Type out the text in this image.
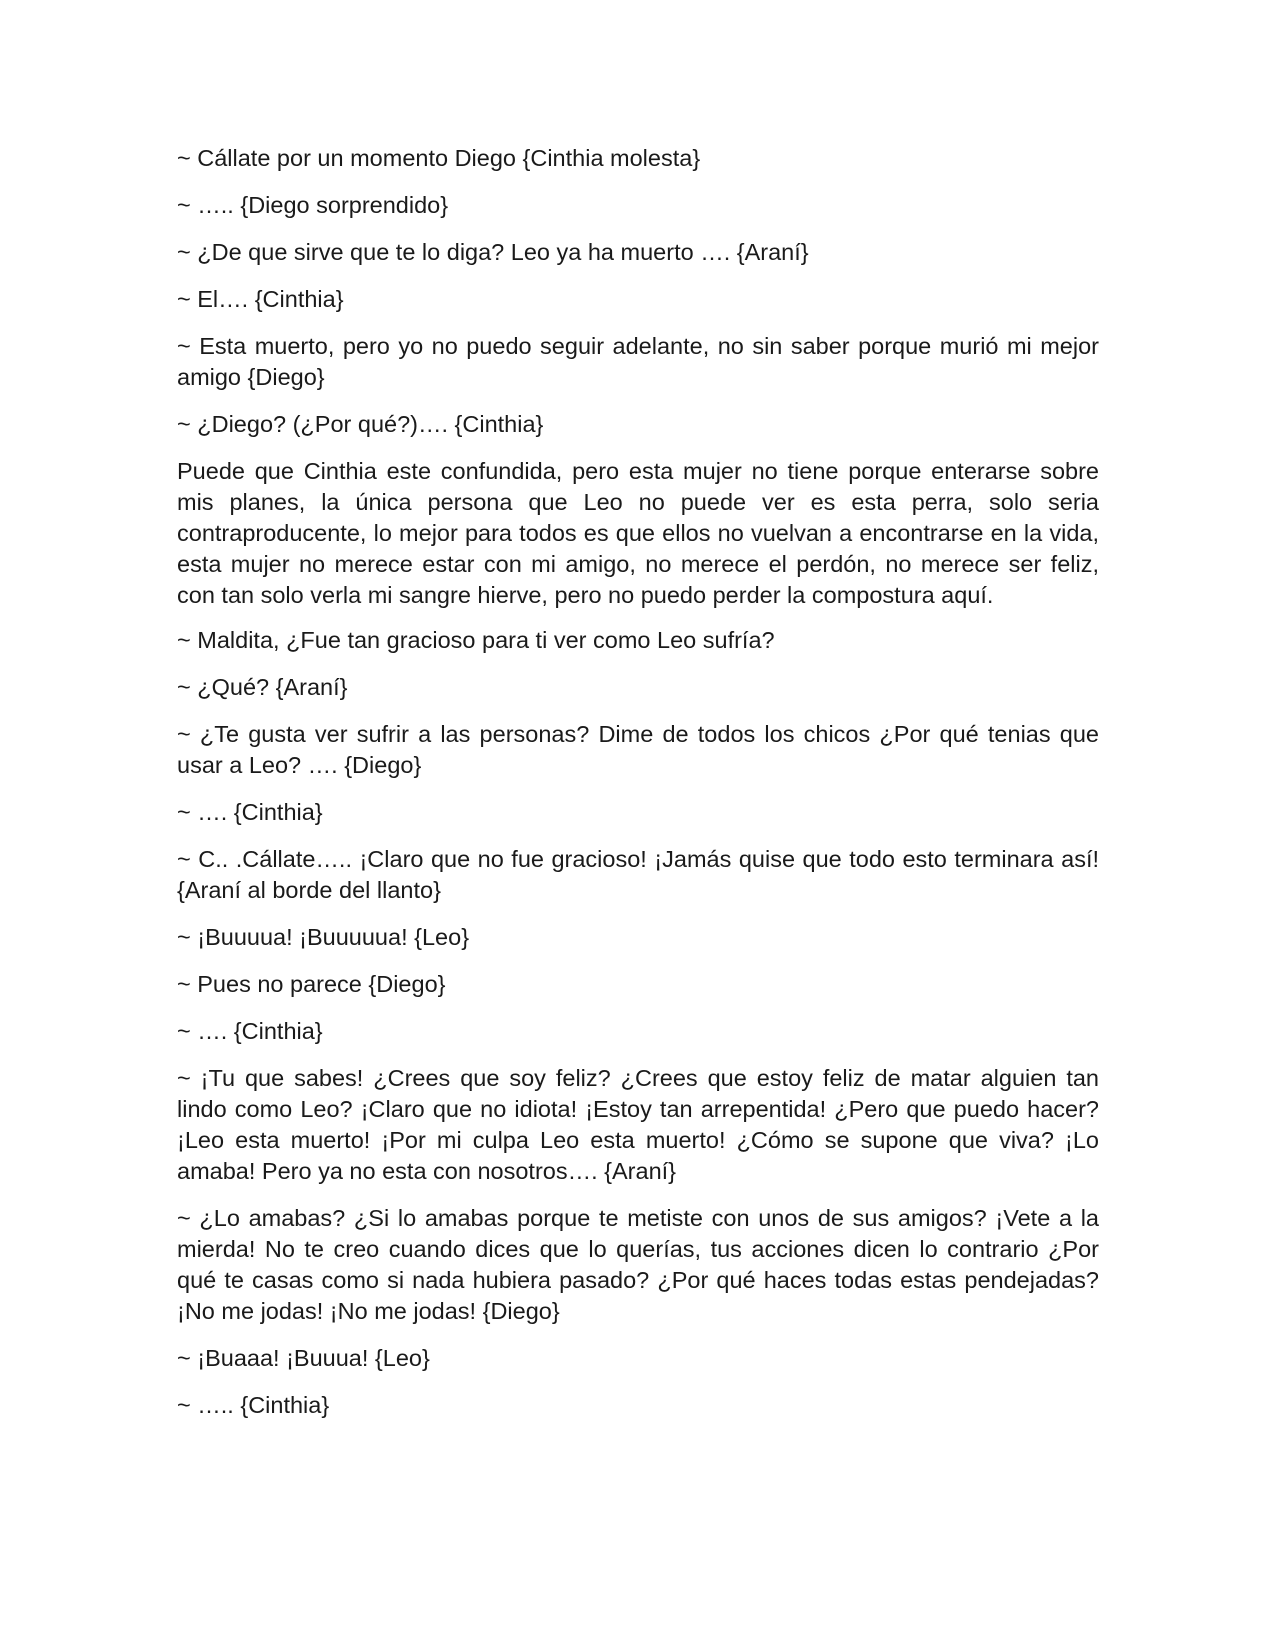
~ Cállate por un momento Diego {Cinthia molesta}

~ ….. {Diego sorprendido}

~ ¿De que sirve que te lo diga? Leo ya ha muerto …. {Araní}

~ El…. {Cinthia}

~ Esta muerto, pero yo no puedo seguir adelante, no sin saber porque murió mi mejor amigo {Diego}

~ ¿Diego? (¿Por qué?)…. {Cinthia}

Puede que Cinthia este confundida, pero esta mujer no tiene porque enterarse sobre mis planes, la única persona que Leo no puede ver es esta perra, solo seria contraproducente, lo mejor para todos es que ellos no vuelvan a encontrarse en la vida, esta mujer no merece estar con mi amigo, no merece el perdón, no merece ser feliz, con tan solo verla mi sangre hierve, pero no puedo perder la compostura aquí.

~ Maldita, ¿Fue tan gracioso para ti ver como Leo sufría?

~ ¿Qué? {Araní}

~ ¿Te gusta ver sufrir a las personas? Dime de todos los chicos ¿Por qué tenias que usar a Leo? …. {Diego}

~ …. {Cinthia}

~ C.. .Cállate….. ¡Claro que no fue gracioso! ¡Jamás quise que todo esto terminara así! {Araní al borde del llanto}

~ ¡Buuuua! ¡Buuuuua! {Leo}

~ Pues no parece {Diego}

~ …. {Cinthia}

~ ¡Tu que sabes! ¿Crees que soy feliz? ¿Crees que estoy feliz de matar alguien tan lindo como Leo? ¡Claro que no idiota! ¡Estoy tan arrepentida! ¿Pero que puedo hacer? ¡Leo esta muerto! ¡Por mi culpa Leo esta muerto! ¿Cómo se supone que viva? ¡Lo amaba! Pero ya no esta con nosotros…. {Araní}

~ ¿Lo amabas? ¿Si lo amabas porque te metiste con unos de sus amigos? ¡Vete a la mierda! No te creo cuando dices que lo querías, tus acciones dicen lo contrario ¿Por qué te casas como si nada hubiera pasado? ¿Por qué haces todas estas pendejadas? ¡No me jodas! ¡No me jodas! {Diego}

~ ¡Buaaa! ¡Buuua! {Leo}

~ ….. {Cinthia}
